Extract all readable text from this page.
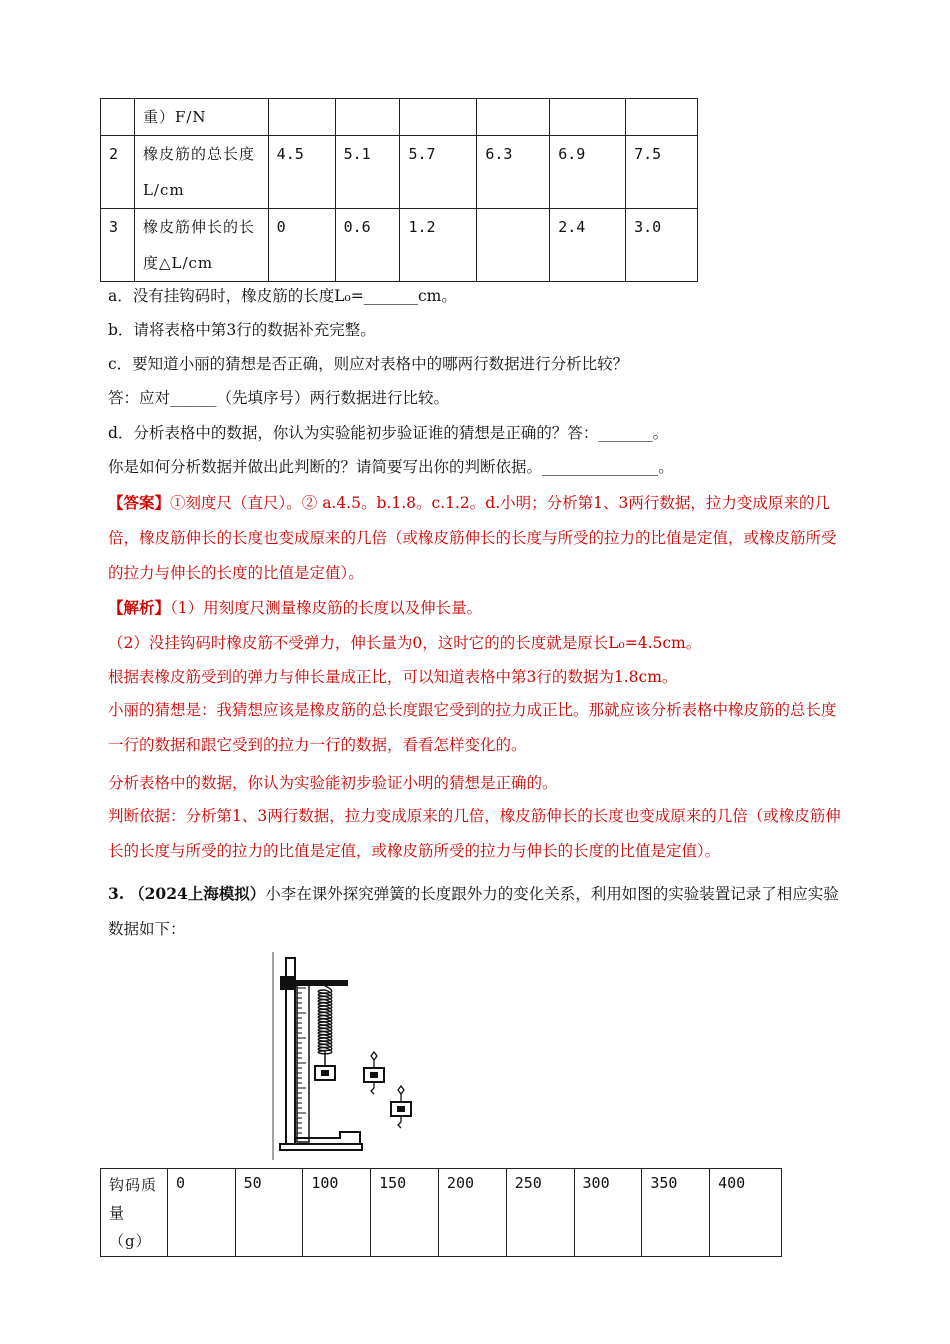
	重）F/N						
2	橡皮筋的总长度L/cm	4.5	5.1	5.7	6.3	6.9	7.5
3	橡皮筋伸长的长度△L/cm	0	0.6	1.2		2.4	3.0
a．没有挂钩码时，橡皮筋的长度L₀=_______cm。
b．请将表格中第3行的数据补充完整。
c．要知道小丽的猜想是否正确，则应对表格中的哪两行数据进行分析比较？
答：应对______（先填序号）两行数据进行比较。
d．分析表格中的数据，你认为实验能初步验证谁的猜想是正确的？答：_______。
你是如何分析数据并做出此判断的？请简要写出你的判断依据。_______________。
【答案】①刻度尺（直尺）。② a.4.5。b.1.8。c.1.2。d.小明；分析第1、3两行数据，拉力变成原来的几倍，橡皮筋伸长的长度也变成原来的几倍（或橡皮筋伸长的长度与所受的拉力的比值是定值，或橡皮筋所受的拉力与伸长的长度的比值是定值）。
【解析】（1）用刻度尺测量橡皮筋的长度以及伸长量。
（2）没挂钩码时橡皮筋不受弹力，伸长量为0，这时它的的长度就是原长L₀=4.5cm。
根据表橡皮筋受到的弹力与伸长量成正比，可以知道表格中第3行的数据为1.8cm。
小丽的猜想是：我猜想应该是橡皮筋的总长度跟它受到的拉力成正比。那就应该分析表格中橡皮筋的总长度一行的数据和跟它受到的拉力一行的数据，看看怎样变化的。
分析表格中的数据，你认为实验能初步验证小明的猜想是正确的。
判断依据：分析第1、3两行数据，拉力变成原来的几倍，橡皮筋伸长的长度也变成原来的几倍（或橡皮筋伸长的长度与所受的拉力的比值是定值，或橡皮筋所受的拉力与伸长的长度的比值是定值）。
3. （2024上海模拟）小李在课外探究弹簧的长度跟外力的变化关系，利用如图的实验装置记录了相应实验数据如下：
钩码质量（g）	0	50	100	150	200	250	300	350	400
